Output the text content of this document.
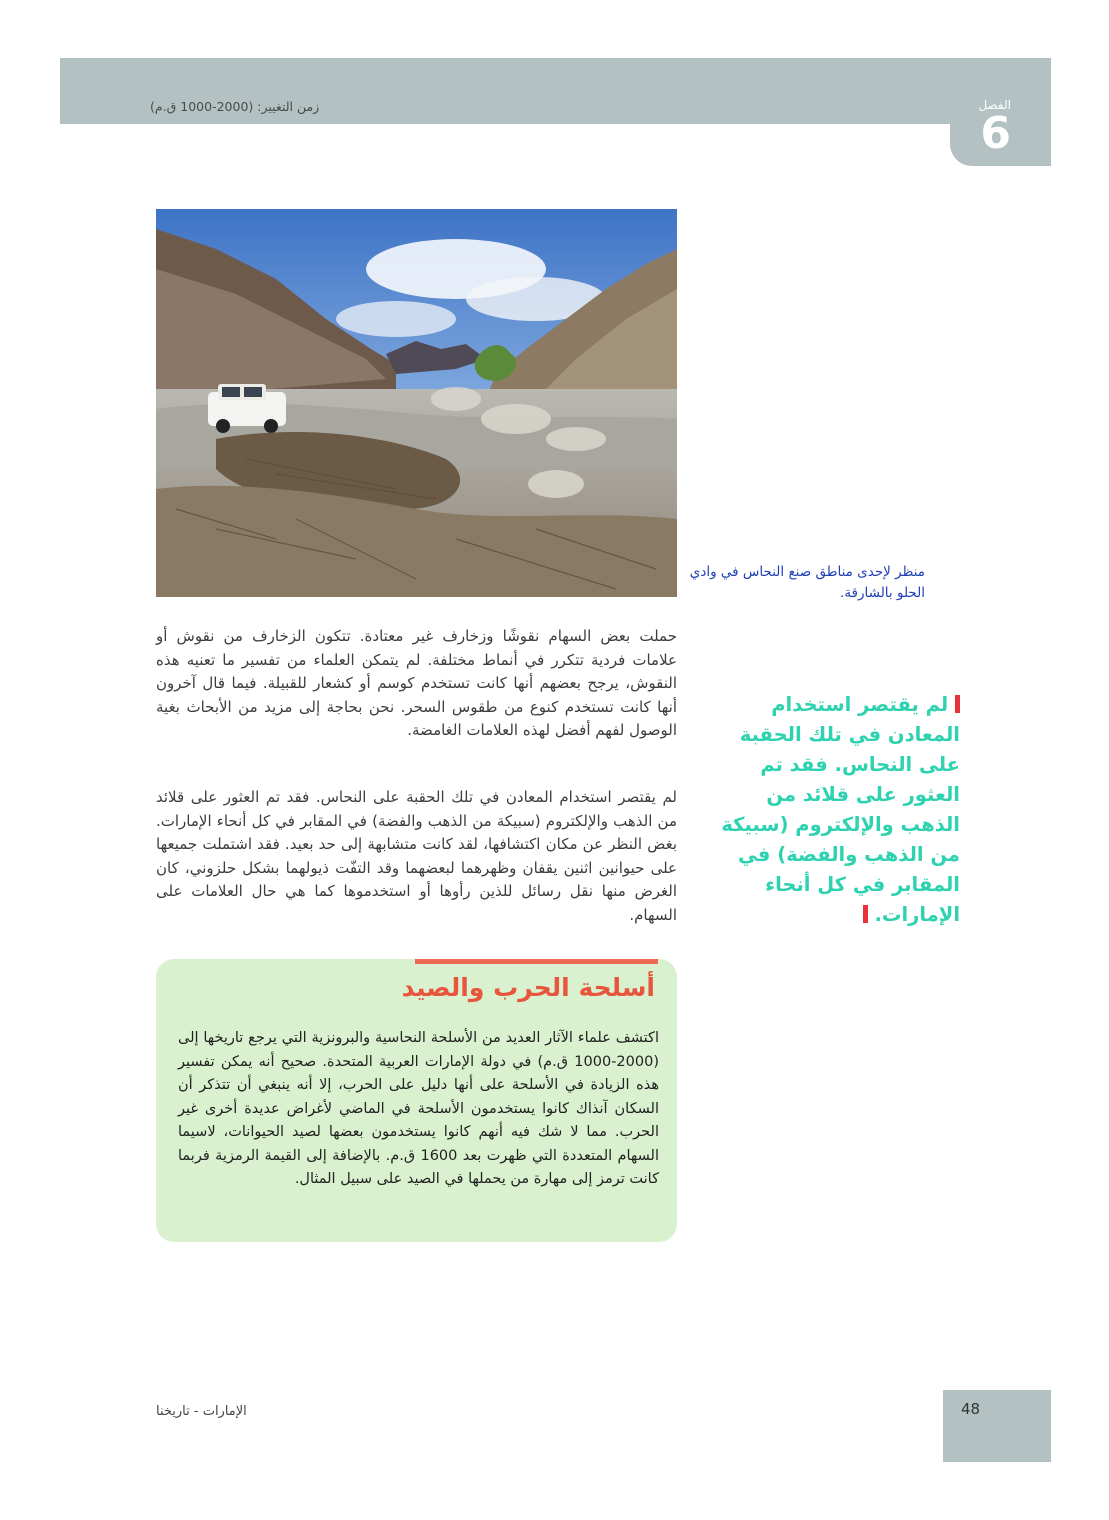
زمن التغيير: (2000-1000 ق.م)	الفصل
6
منظر لإحدى مناطق صنع النحاس في وادي الحلو بالشارقة.

حملت بعض السهام نقوشًا وزخارف غير معتادة. تتكون الزخارف من نقوش أو علامات فردية تتكرر في أنماط مختلفة. لم يتمكن العلماء من تفسير ما تعنيه هذه النقوش، يرجح بعضهم أنها كانت تستخدم كوسم أو كشعار للقبيلة. فيما قال آخرون أنها كانت تستخدم كنوع من طقوس السحر. نحن بحاجة إلى مزيد من الأبحاث بغية الوصول لفهم أفضل لهذه العلامات الغامضة.

لم يقتصر استخدام المعادن في تلك الحقبة على النحاس. فقد تم العثور على قلائد من الذهب والإلكتروم (سبيكة من الذهب والفضة) في المقابر في كل أنحاء الإمارات. بغض النظر عن مكان اكتشافها، لقد كانت متشابهة إلى حد بعيد. فقد اشتملت جميعها على حيوانين اثنين يقفان وظهرهما لبعضهما وقد التفّت ذيولهما بشكل حلزوني، كان الغرض منها نقل رسائل للذين رأوها أو استخدموها كما هي حال العلامات على السهام.

لم يقتصر استخدام المعادن في تلك الحقبة على النحاس. فقد تم العثور على قلائد من الذهب والإلكتروم (سبيكة من الذهب والفضة) في المقابر في كل أنحاء الإمارات.
أسلحة الحرب والصيد

اكتشف علماء الآثار العديد من الأسلحة النحاسية والبرونزية التي يرجع تاريخها إلى (2000-1000 ق.م) في دولة الإمارات العربية المتحدة. صحيح أنه يمكن تفسير هذه الزيادة في الأسلحة على أنها دليل على الحرب، إلا أنه ينبغي أن تتذكر أن السكان آنذاك كانوا يستخدمون الأسلحة في الماضي لأغراض عديدة أخرى غير الحرب. مما لا شك فيه أنهم كانوا يستخدمون بعضها لصيد الحيوانات، لاسيما السهام المتعددة التي ظهرت بعد 1600 ق.م. بالإضافة إلى القيمة الرمزية فربما كانت ترمز إلى مهارة من يحملها في الصيد على سبيل المثال.

الإمارات - تاريخنا	48
